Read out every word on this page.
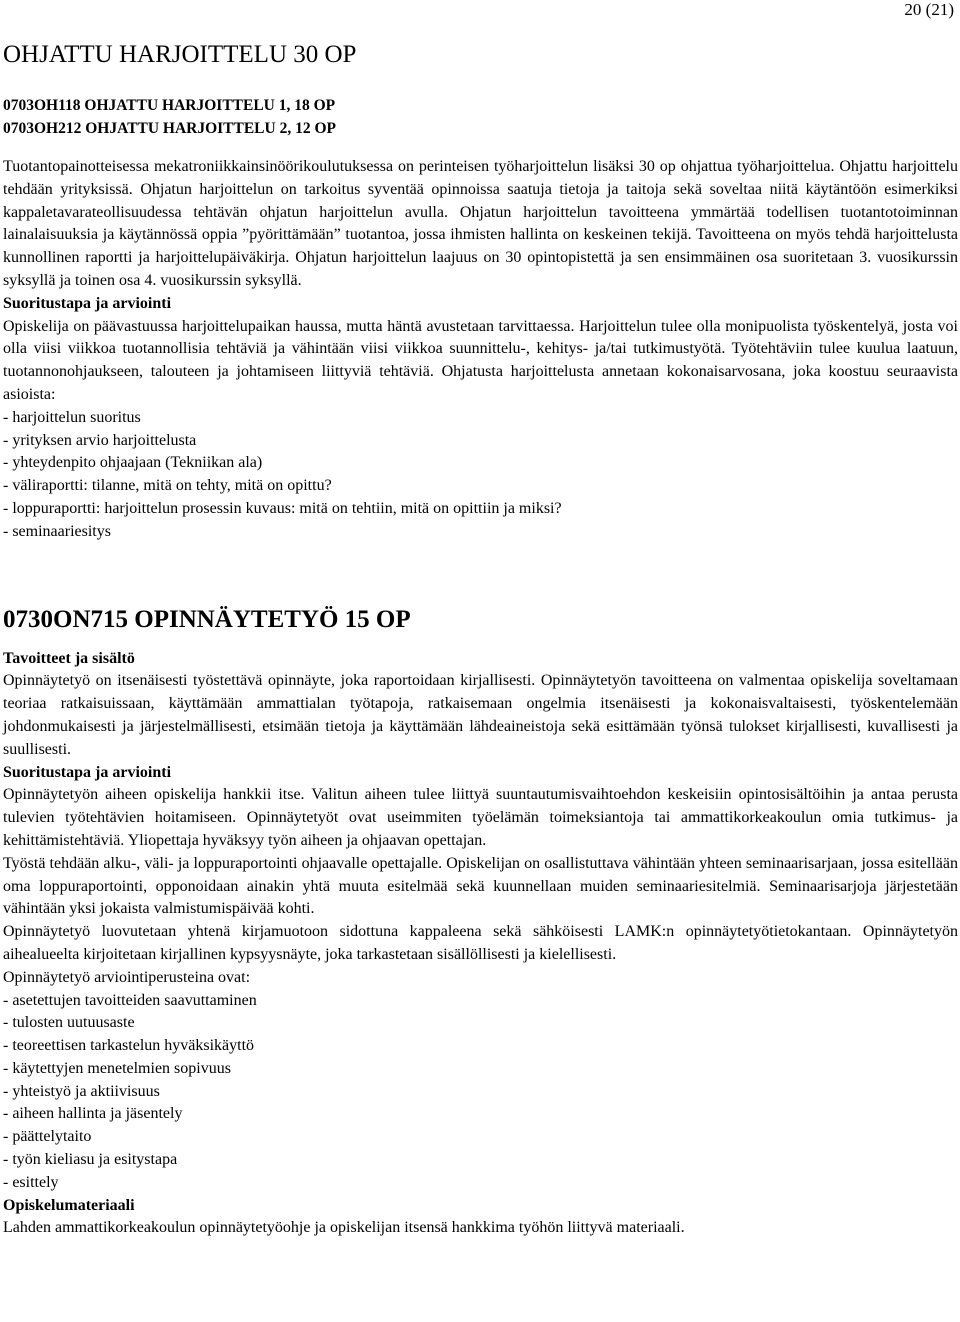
20 (21)
OHJATTU HARJOITTELU 30 OP
0703OH118 OHJATTU HARJOITTELU 1, 18 OP
0703OH212 OHJATTU HARJOITTELU 2, 12 OP

Tuotantopainotteisessa mekatroniikkainsinöörikoulutuksessa on perinteisen työharjoittelun lisäksi 30 op ohjattua työharjoittelua. Ohjattu harjoittelu tehdään yrityksissä. Ohjatun harjoittelun on tarkoitus syventää opinnoissa saatuja tietoja ja taitoja sekä soveltaa niitä käytäntöön esimerkiksi kappaletavarateollisuudessa tehtävän ohjatun harjoittelun avulla. Ohjatun harjoittelun tavoitteena ymmärtää todellisen tuotantotoiminnan lainalaisuuksia ja käytännössä oppia ”pyörittämään” tuotantoa, jossa ihmisten hallinta on keskeinen tekijä. Tavoitteena on myös tehdä harjoittelusta kunnollinen raportti ja harjoittelupäiväkirja. Ohjatun harjoittelun laajuus on 30 opintopistettä ja sen ensimmäinen osa suoritetaan 3. vuosikurssin syksyllä ja toinen osa 4. vuosikurssin syksyllä.

Suoritustapa ja arviointi

Opiskelija on päävastuussa harjoittelupaikan haussa, mutta häntä avustetaan tarvittaessa. Harjoittelun tulee olla monipuolista työskentelyä, josta voi olla viisi viikkoa tuotannollisia tehtäviä ja vähintään viisi viikkoa suunnittelu-, kehitys- ja/tai tutkimustyötä. Työtehtäviin tulee kuulua laatuun, tuotannonohjaukseen, talouteen ja johtamiseen liittyviä tehtäviä. Ohjatusta harjoittelusta annetaan kokonaisarvosana, joka koostuu seuraavista asioista:

- harjoittelun suoritus
- yrityksen arvio harjoittelusta
- yhteydenpito ohjaajaan (Tekniikan ala)
- väliraportti: tilanne, mitä on tehty, mitä on opittu?
- loppuraportti: harjoittelun prosessin kuvaus: mitä on tehtiin, mitä on opittiin ja miksi?
- seminaariesitys
0730ON715 OPINNÄYTETYÖ 15 OP
Tavoitteet ja sisältö

Opinnäytetyö on itsenäisesti työstettävä opinnäyte, joka raportoidaan kirjallisesti. Opinnäytetyön tavoitteena on valmentaa opiskelija soveltamaan teoriaa ratkaisuissaan, käyttämään ammattialan työtapoja, ratkaisemaan ongelmia itsenäisesti ja kokonaisvaltaisesti, työskentelemään johdonmukaisesti ja järjestelmällisesti, etsimään tietoja ja käyttämään lähdeaineistoja sekä esittämään työnsä tulokset kirjallisesti, kuvallisesti ja suullisesti.

Suoritustapa ja arviointi

Opinnäytetyön aiheen opiskelija hankkii itse. Valitun aiheen tulee liittyä suuntautumisvaihtoehdon keskeisiin opintosisältöihin ja antaa perusta tulevien työtehtävien hoitamiseen. Opinnäytetyöt ovat useimmiten työelämän toimeksiantoja tai ammattikorkeakoulun omia tutkimus- ja kehittämistehtäviä. Yliopettaja hyväksyy työn aiheen ja ohjaavan opettajan.

Työstä tehdään alku-, väli- ja loppuraportointi ohjaavalle opettajalle. Opiskelijan on osallistuttava vähintään yhteen seminaarisarjaan, jossa esitellään oma loppuraportointi, opponoidaan ainakin yhtä muuta esitelmää sekä kuunnellaan muiden seminaariesitelmiä. Seminaarisarjoja järjestetään vähintään yksi jokaista valmistumispäivää kohti.

Opinnäytetyö luovutetaan yhtenä kirjamuotoon sidottuna kappaleena sekä sähköisesti LAMK:n opinnäytetyötietokantaan. Opinnäytetyön aihealueelta kirjoitetaan kirjallinen kypsyysnäyte, joka tarkastetaan sisällöllisesti ja kielellisesti.

Opinnäytetyö arviointiperusteina ovat:

- asetettujen tavoitteiden saavuttaminen
- tulosten uutuusaste
- teoreettisen tarkastelun hyväksikäyttö
- käytettyjen menetelmien sopivuus
- yhteistyö ja aktiivisuus
- aiheen hallinta ja jäsentely
- päättelytaito
- työn kieliasu ja esitystapa
- esittely
Opiskelumateriaali

Lahden ammattikorkeakoulun opinnäytetyöohje ja opiskelijan itsensä hankkima työhön liittyvä materiaali.
